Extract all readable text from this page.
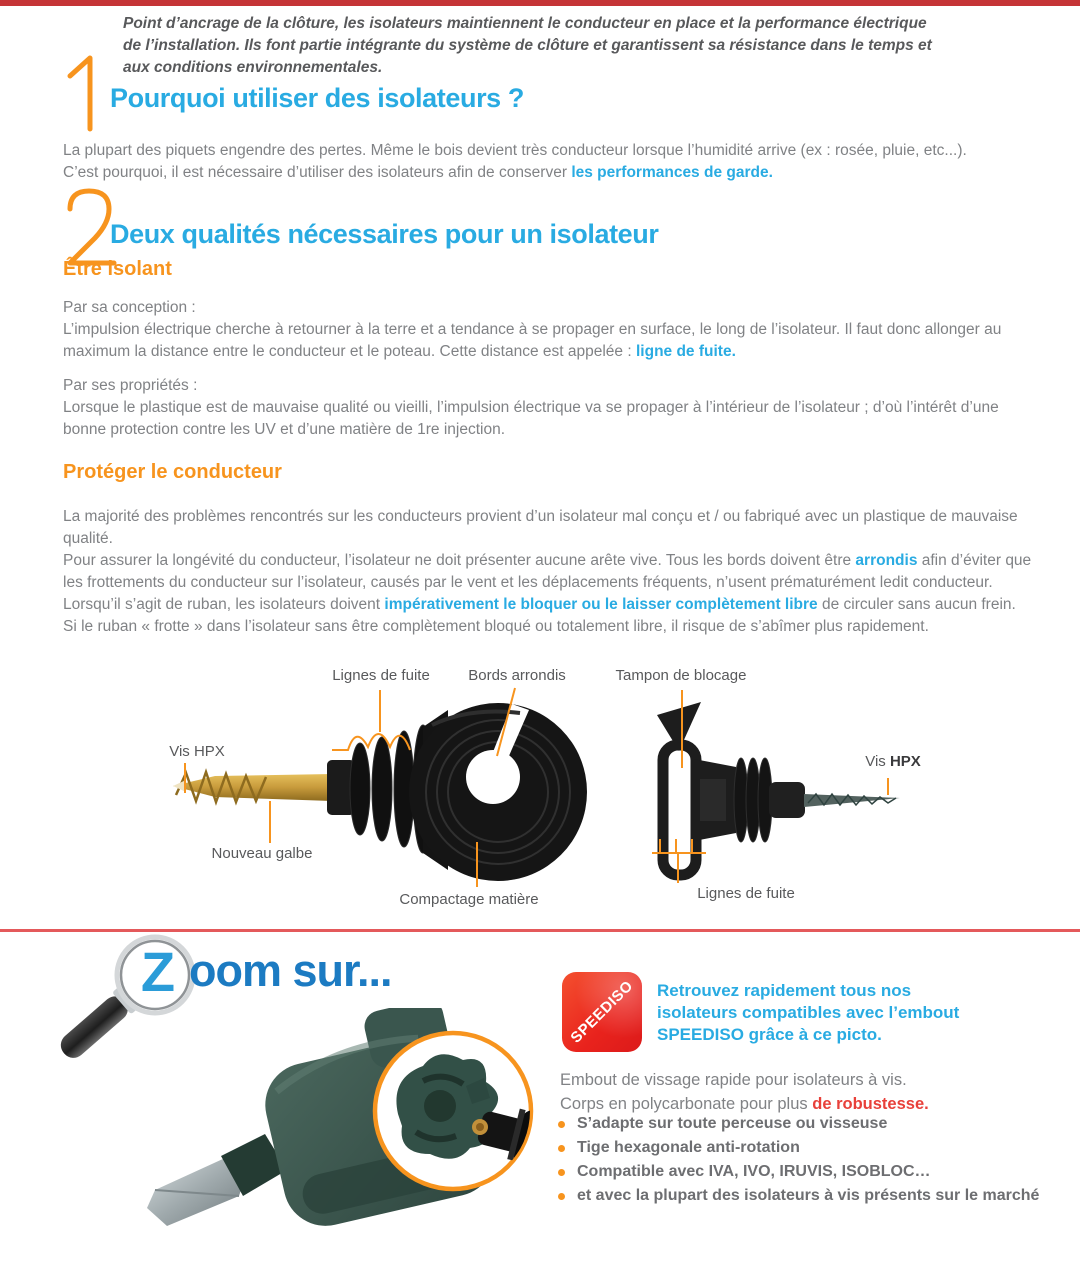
Point d’ancrage de la clôture, les isolateurs maintiennent le conducteur en place et la performance électrique de l’installation. Ils font partie intégrante du système de clôture et garantissent sa résistance dans le temps et aux conditions environnementales.
Pourquoi utiliser des isolateurs ?

La plupart des piquets engendre des pertes. Même le bois devient très conducteur lorsque l’humidité arrive (ex : rosée, pluie, etc...).

C’est pourquoi, il est nécessaire d’utiliser des isolateurs afin de conserver les performances de garde.

Deux qualités nécessaires pour un isolateur
Être isolant

Par sa conception :

L’impulsion électrique cherche à retourner à la terre et a tendance à se propager en surface, le long de l’isolateur. Il faut donc allonger au maximum la distance entre le conducteur et le poteau. Cette distance est appelée : ligne de fuite.

Par ses propriétés :

Lorsque le plastique est de mauvaise qualité ou vieilli, l’impulsion électrique va se propager à l’intérieur de l’isolateur ; d’où l’intérêt d’une bonne protection contre les UV et d’une matière de 1re injection.

Protéger le conducteur

La majorité des problèmes rencontrés sur les conducteurs provient d’un isolateur mal conçu et / ou fabriqué avec un plastique de mauvaise qualité.

Pour assurer la longévité du conducteur, l’isolateur ne doit présenter aucune arête vive. Tous les bords doivent être arrondis afin d’éviter que les frottements du conducteur sur l’isolateur, causés par le vent et les déplacements fréquents, n’usent prématurément ledit conducteur.

Lorsqu’il s’agit de ruban, les isolateurs doivent impérativement le bloquer ou le laisser complètement libre de circuler sans aucun frein. Si le ruban « frotte » dans l’isolateur sans être complètement bloqué ou totalement libre, il risque de s’abîmer plus rapidement.

Lignes de fuite	Bords arrondis	Tampon de blocage
Vis HPX
Nouveau galbe
Compactage matière
Vis HPX
Lignes de fuite
Z oom sur...
SPEEDISO Retrouvez rapidement tous nos
isolateurs compatibles avec l’embout
SPEEDISO grâce à ce picto.
Embout de vissage rapide pour isolateurs à vis.
Corps en polycarbonate pour plus de robustesse.
S’adapte sur toute perceuse ou visseuse
Tige hexagonale anti-rotation
Compatible avec IVA, IVO, IRUVIS, ISOBLOC…
et avec la plupart des isolateurs à vis présents sur le marché
